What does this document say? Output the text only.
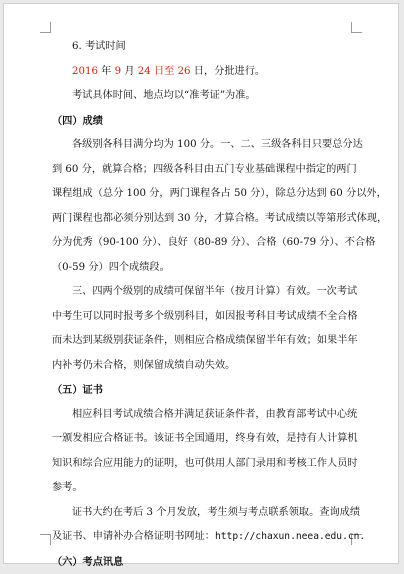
6. 考试时间

2016 年 9 月 24 日至 26 日，分批进行。

考试具体时间、地点均以“准考证”为准。

（四）成绩

各级别各科目满分均为 100 分。一、二、三级各科目只要总分达

到 60 分，就算合格；四级各科目由五门专业基础课程中指定的两门

课程组成（总分 100 分，两门课程各占 50 分），除总分达到 60 分以外，

两门课程也都必须分别达到 30 分，才算合格。考试成绩以等第形式体现，

分为优秀（90-100 分）、良好（80-89 分）、合格（60-79 分）、不合格

（0-59 分）四个成绩段。

三、四两个级别的成绩可保留半年（按月计算）有效。一次考试

中考生可以同时报考多个级别科目，如因报考科目考试成绩不全合格

而未达到某级别获证条件，则相应合格成绩保留半年有效；如果半年

内补考仍未合格，则保留成绩自动失效。

（五）证书

相应科目考试成绩合格并满足获证条件者，由教育部考试中心统

一颁发相应合格证书。该证书全国通用，终身有效，是持有人计算机

知识和综合应用能力的证明，也可供用人部门录用和考核工作人员时

参考。

证书大约在考后 3 个月发放，考生须与考点联系领取。查询成绩

及证书、申请补办合格证明书网址：http://chaxun.neea.edu.cn.

（六）考点讯息
